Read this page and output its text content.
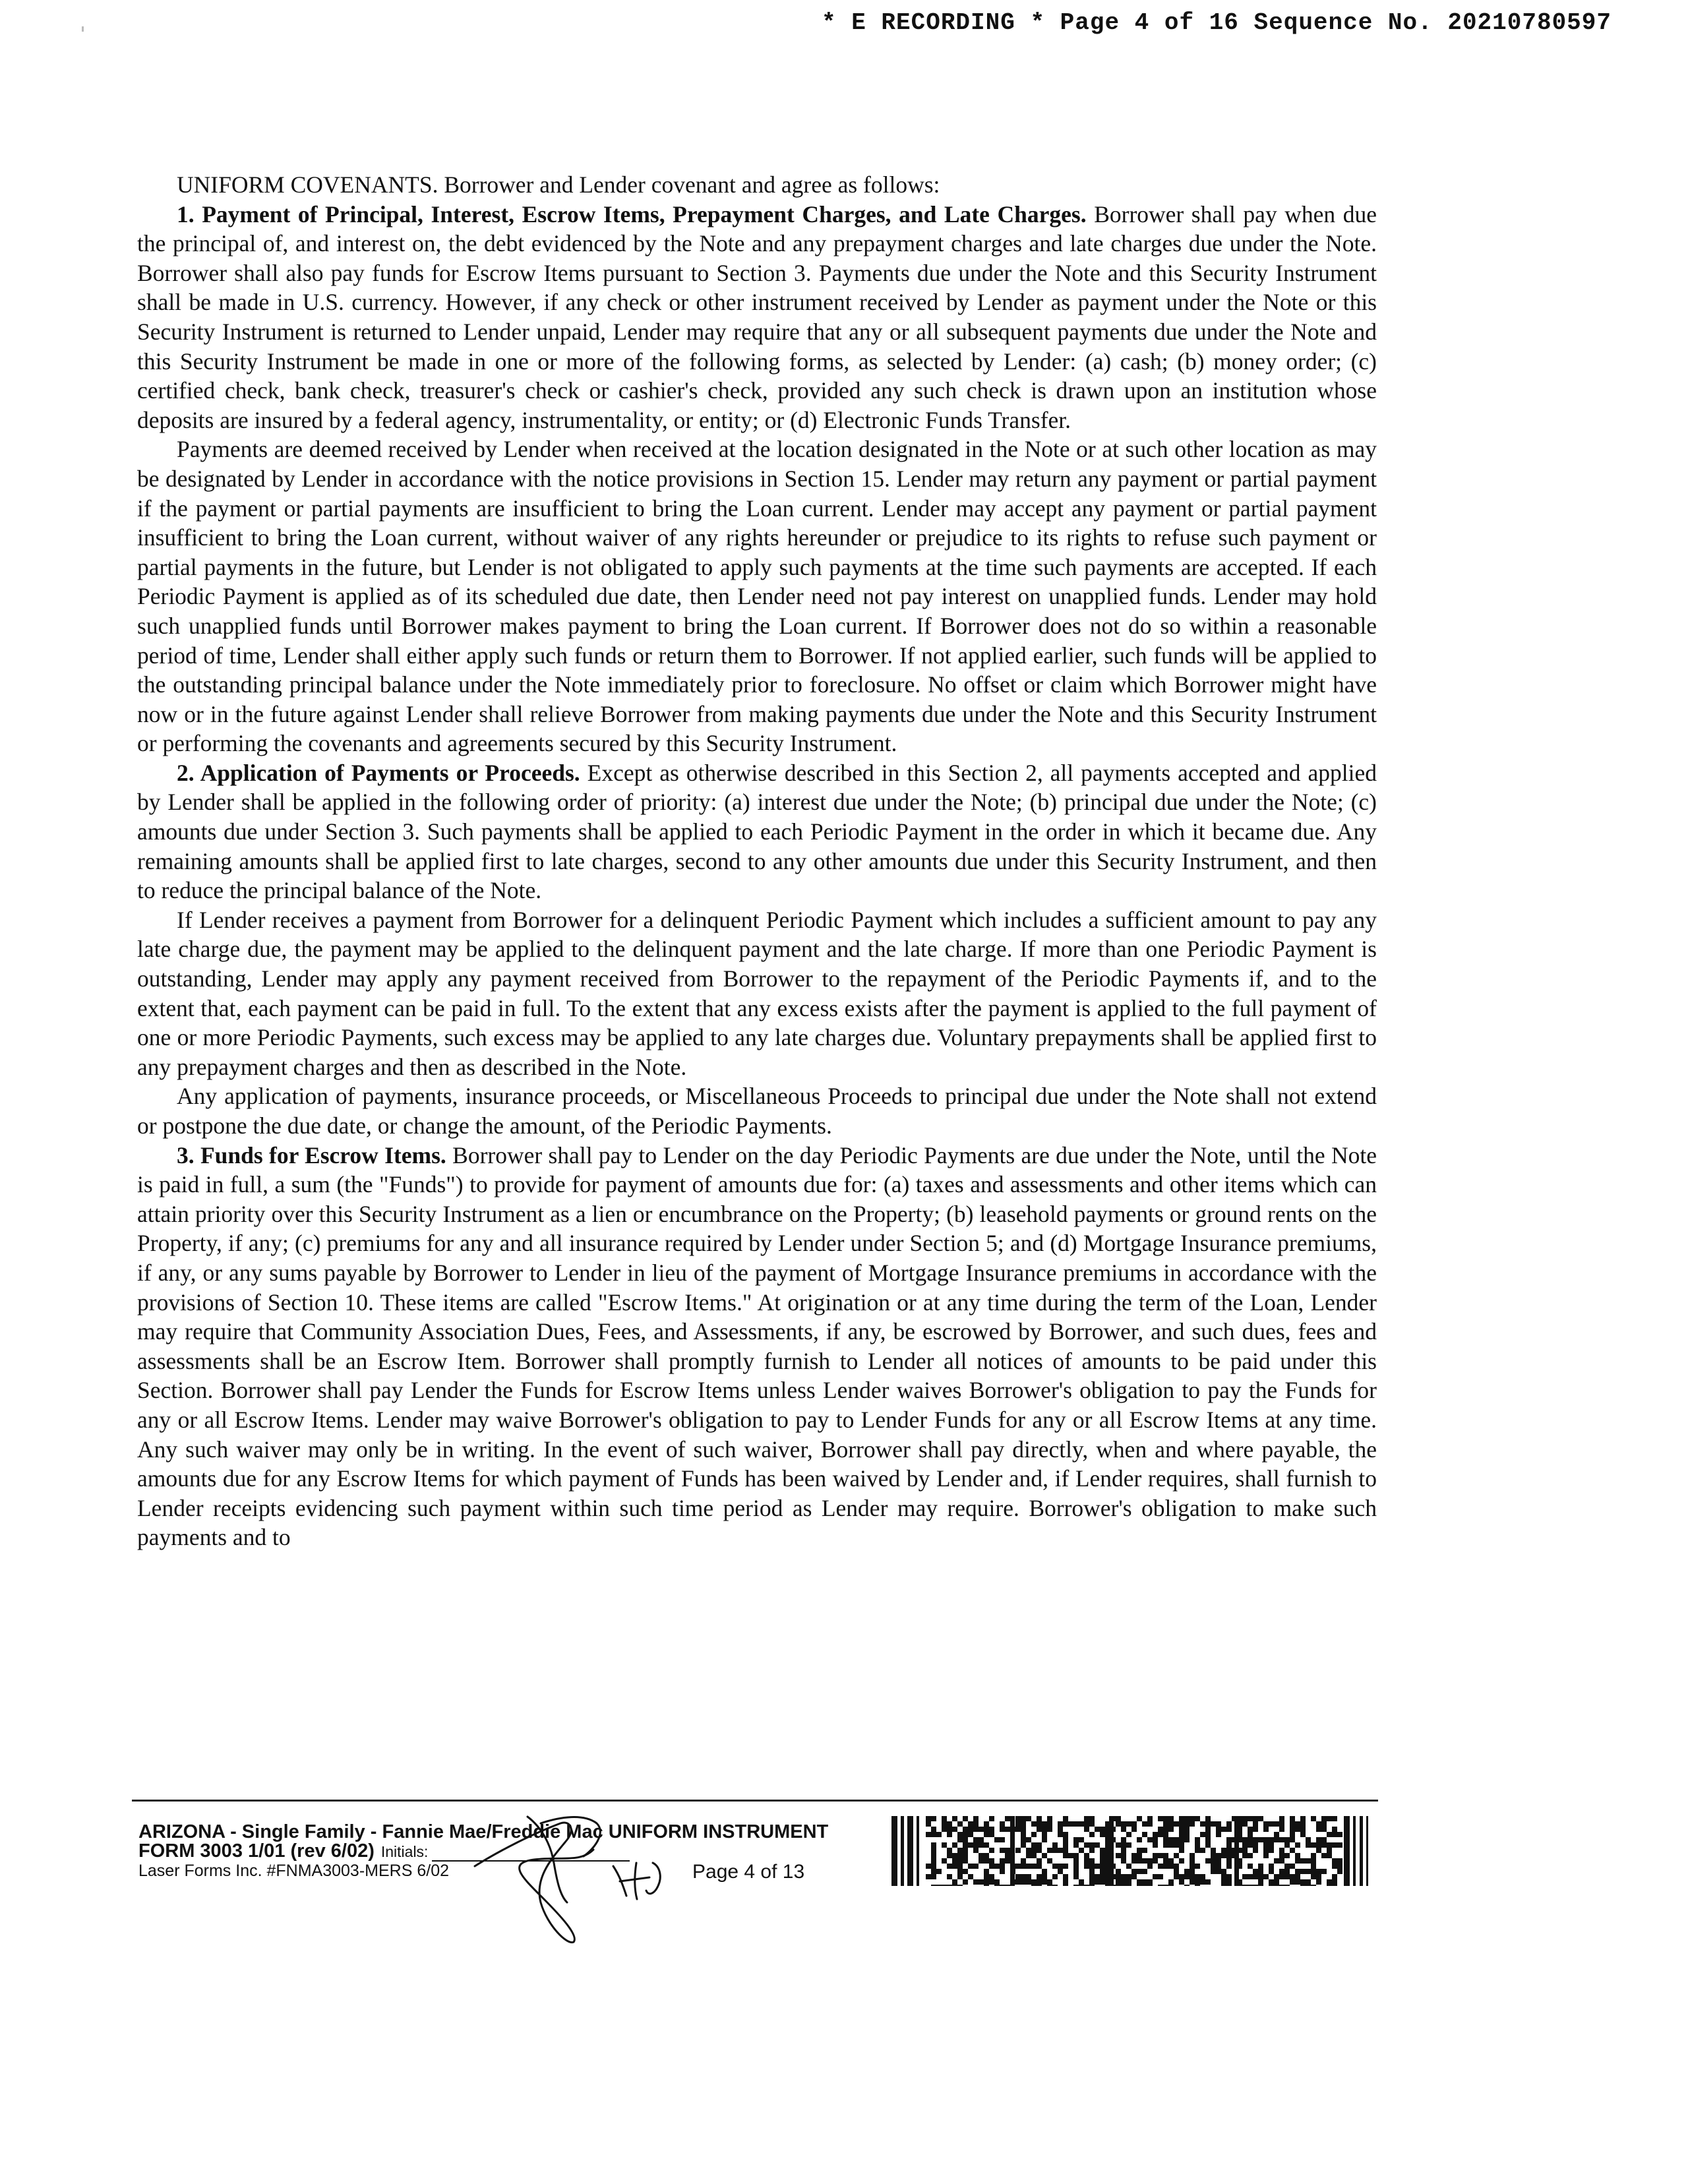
* E RECORDING * Page 4 of 16 Sequence No. 20210780597

UNIFORM COVENANTS. Borrower and Lender covenant and agree as follows:

1. Payment of Principal, Interest, Escrow Items, Prepayment Charges, and Late Charges. Borrower shall pay when due the principal of, and interest on, the debt evidenced by the Note and any prepayment charges and late charges due under the Note. Borrower shall also pay funds for Escrow Items pursuant to Section 3. Payments due under the Note and this Security Instrument shall be made in U.S. currency. However, if any check or other instrument received by Lender as payment under the Note or this Security Instrument is returned to Lender unpaid, Lender may require that any or all subsequent payments due under the Note and this Security Instrument be made in one or more of the following forms, as selected by Lender: (a) cash; (b) money order; (c) certified check, bank check, treasurer's check or cashier's check, provided any such check is drawn upon an institution whose deposits are insured by a federal agency, instrumentality, or entity; or (d) Electronic Funds Transfer.

Payments are deemed received by Lender when received at the location designated in the Note or at such other location as may be designated by Lender in accordance with the notice provisions in Section 15. Lender may return any payment or partial payment if the payment or partial payments are insufficient to bring the Loan current. Lender may accept any payment or partial payment insufficient to bring the Loan current, without waiver of any rights hereunder or prejudice to its rights to refuse such payment or partial payments in the future, but Lender is not obligated to apply such payments at the time such payments are accepted. If each Periodic Payment is applied as of its scheduled due date, then Lender need not pay interest on unapplied funds. Lender may hold such unapplied funds until Borrower makes payment to bring the Loan current. If Borrower does not do so within a reasonable period of time, Lender shall either apply such funds or return them to Borrower. If not applied earlier, such funds will be applied to the outstanding principal balance under the Note immediately prior to foreclosure. No offset or claim which Borrower might have now or in the future against Lender shall relieve Borrower from making payments due under the Note and this Security Instrument or performing the covenants and agreements secured by this Security Instrument.

2. Application of Payments or Proceeds. Except as otherwise described in this Section 2, all payments accepted and applied by Lender shall be applied in the following order of priority: (a) interest due under the Note; (b) principal due under the Note; (c) amounts due under Section 3. Such payments shall be applied to each Periodic Payment in the order in which it became due. Any remaining amounts shall be applied first to late charges, second to any other amounts due under this Security Instrument, and then to reduce the principal balance of the Note.

If Lender receives a payment from Borrower for a delinquent Periodic Payment which includes a sufficient amount to pay any late charge due, the payment may be applied to the delinquent payment and the late charge. If more than one Periodic Payment is outstanding, Lender may apply any payment received from Borrower to the repayment of the Periodic Payments if, and to the extent that, each payment can be paid in full. To the extent that any excess exists after the payment is applied to the full payment of one or more Periodic Payments, such excess may be applied to any late charges due. Voluntary prepayments shall be applied first to any prepayment charges and then as described in the Note.

Any application of payments, insurance proceeds, or Miscellaneous Proceeds to principal due under the Note shall not extend or postpone the due date, or change the amount, of the Periodic Payments.

3. Funds for Escrow Items. Borrower shall pay to Lender on the day Periodic Payments are due under the Note, until the Note is paid in full, a sum (the "Funds") to provide for payment of amounts due for: (a) taxes and assessments and other items which can attain priority over this Security Instrument as a lien or encumbrance on the Property; (b) leasehold payments or ground rents on the Property, if any; (c) premiums for any and all insurance required by Lender under Section 5; and (d) Mortgage Insurance premiums, if any, or any sums payable by Borrower to Lender in lieu of the payment of Mortgage Insurance premiums in accordance with the provisions of Section 10. These items are called "Escrow Items." At origination or at any time during the term of the Loan, Lender may require that Community Association Dues, Fees, and Assessments, if any, be escrowed by Borrower, and such dues, fees and assessments shall be an Escrow Item. Borrower shall promptly furnish to Lender all notices of amounts to be paid under this Section. Borrower shall pay Lender the Funds for Escrow Items unless Lender waives Borrower's obligation to pay the Funds for any or all Escrow Items. Lender may waive Borrower's obligation to pay to Lender Funds for any or all Escrow Items at any time. Any such waiver may only be in writing. In the event of such waiver, Borrower shall pay directly, when and where payable, the amounts due for any Escrow Items for which payment of Funds has been waived by Lender and, if Lender requires, shall furnish to Lender receipts evidencing such payment within such time period as Lender may require. Borrower's obligation to make such payments and to

ARIZONA - Single Family - Fannie Mae/Freddie Mac UNIFORM INSTRUMENT
FORM 3003 1/01 (rev 6/02) Initials:
Laser Forms Inc. #FNMA3003-MERS 6/02	Page 4 of 13
